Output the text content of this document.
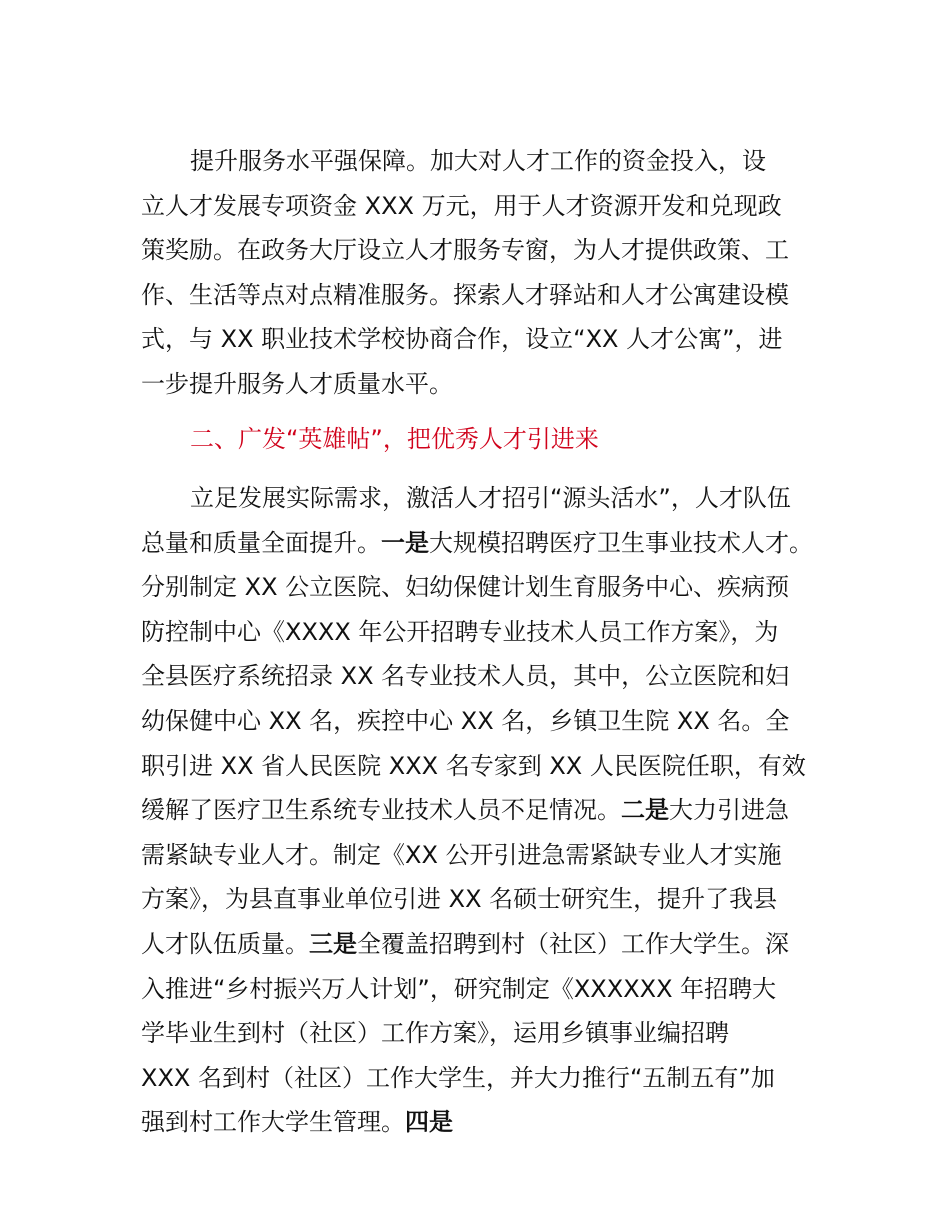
提升服务水平强保障。加大对人才工作的资金投入，设
立人才发展专项资金 XXX 万元，用于人才资源开发和兑现政
策奖励。在政务大厅设立人才服务专窗，为人才提供政策、工
作、生活等点对点精准服务。探索人才驿站和人才公寓建设模
式，与 XX 职业技术学校协商合作，设立“XX 人才公寓”，进
一步提升服务人才质量水平。
二、广发“英雄帖”，把优秀人才引进来
立足发展实际需求，激活人才招引“源头活水”，人才队伍
总量和质量全面提升。一是大规模招聘医疗卫生事业技术人才。
分别制定 XX 公立医院、妇幼保健计划生育服务中心、疾病预
防控制中心《XXXX 年公开招聘专业技术人员工作方案》，为
全县医疗系统招录 XX 名专业技术人员，其中，公立医院和妇
幼保健中心 XX 名，疾控中心 XX 名，乡镇卫生院 XX 名。全
职引进 XX 省人民医院 XXX 名专家到 XX 人民医院任职，有效
缓解了医疗卫生系统专业技术人员不足情况。二是大力引进急
需紧缺专业人才。制定《XX 公开引进急需紧缺专业人才实施
方案》，为县直事业单位引进 XX 名硕士研究生，提升了我县
人才队伍质量。三是全覆盖招聘到村（社区）工作大学生。深
入推进“乡村振兴万人计划”，研究制定《XXXXXX 年招聘大
学毕业生到村（社区）工作方案》，运用乡镇事业编招聘
XXX 名到村（社区）工作大学生，并大力推行“五制五有”加
强到村工作大学生管理。四是
